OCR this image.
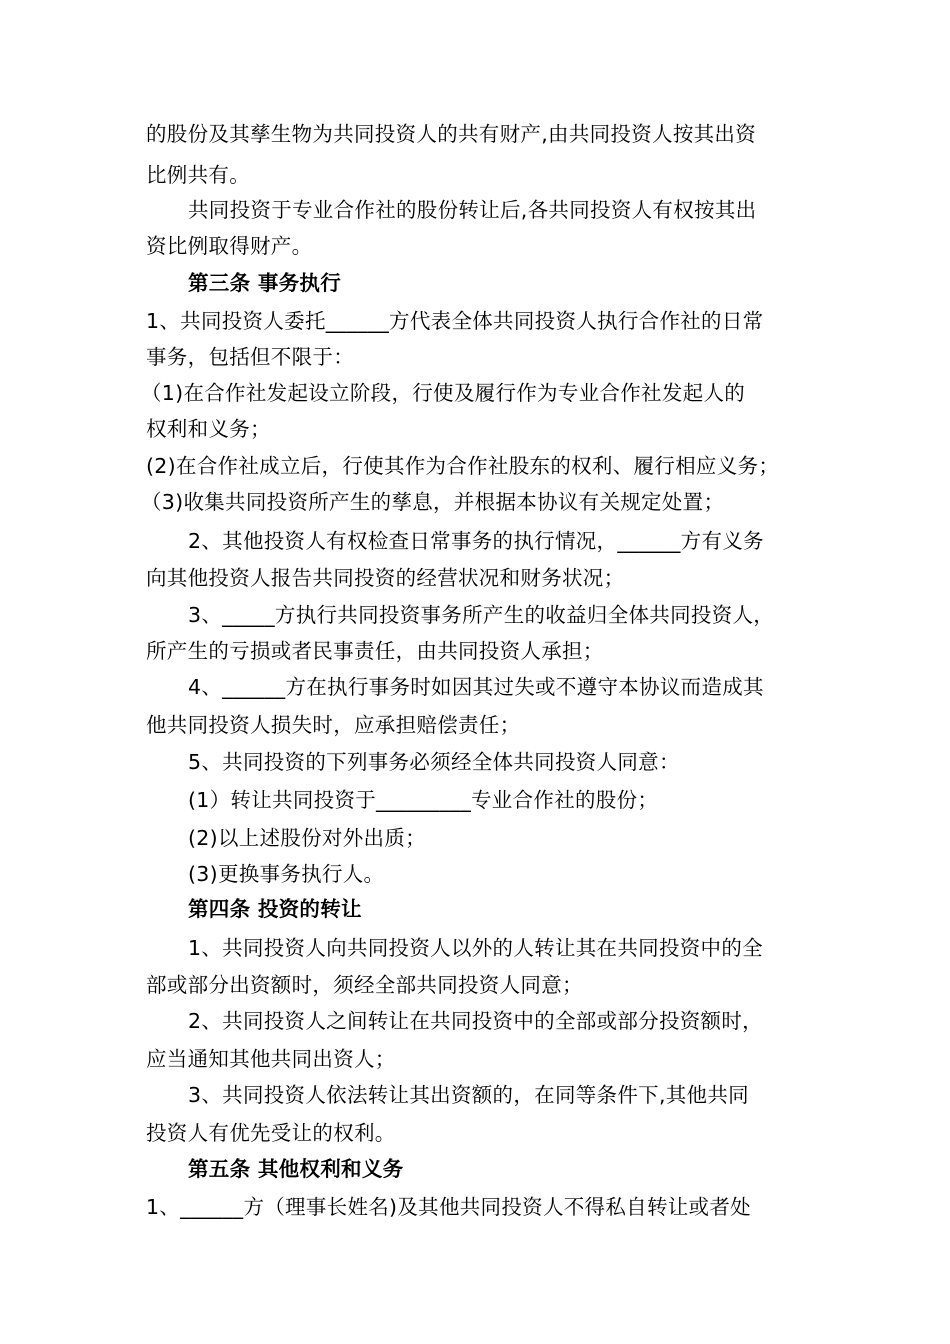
的股份及其孳生物为共同投资人的共有财产,由共同投资人按其出资
比例共有。
共同投资于专业合作社的股份转让后,各共同投资人有权按其出
资比例取得财产。
第三条 事务执行
1、共同投资人委托______方代表全体共同投资人执行合作社的日常
事务，包括但不限于：
（1)在合作社发起设立阶段，行使及履行作为专业合作社发起人的
权利和义务；
(2)在合作社成立后，行使其作为合作社股东的权利、履行相应义务；
（3)收集共同投资所产生的孳息，并根据本协议有关规定处置；
2、其他投资人有权检查日常事务的执行情况，______方有义务
向其他投资人报告共同投资的经营状况和财务状况；
3、_____方执行共同投资事务所产生的收益归全体共同投资人，
所产生的亏损或者民事责任，由共同投资人承担；
4、______方在执行事务时如因其过失或不遵守本协议而造成其
他共同投资人损失时，应承担赔偿责任；
5、共同投资的下列事务必须经全体共同投资人同意：
(1）转让共同投资于_________专业合作社的股份；
(2)以上述股份对外出质；
(3)更换事务执行人。
第四条 投资的转让
1、共同投资人向共同投资人以外的人转让其在共同投资中的全
部或部分出资额时，须经全部共同投资人同意；
2、共同投资人之间转让在共同投资中的全部或部分投资额时，
应当通知其他共同出资人；
3、共同投资人依法转让其出资额的，在同等条件下,其他共同
投资人有优先受让的权利。
第五条 其他权利和义务
1、______方（理事长姓名)及其他共同投资人不得私自转让或者处
